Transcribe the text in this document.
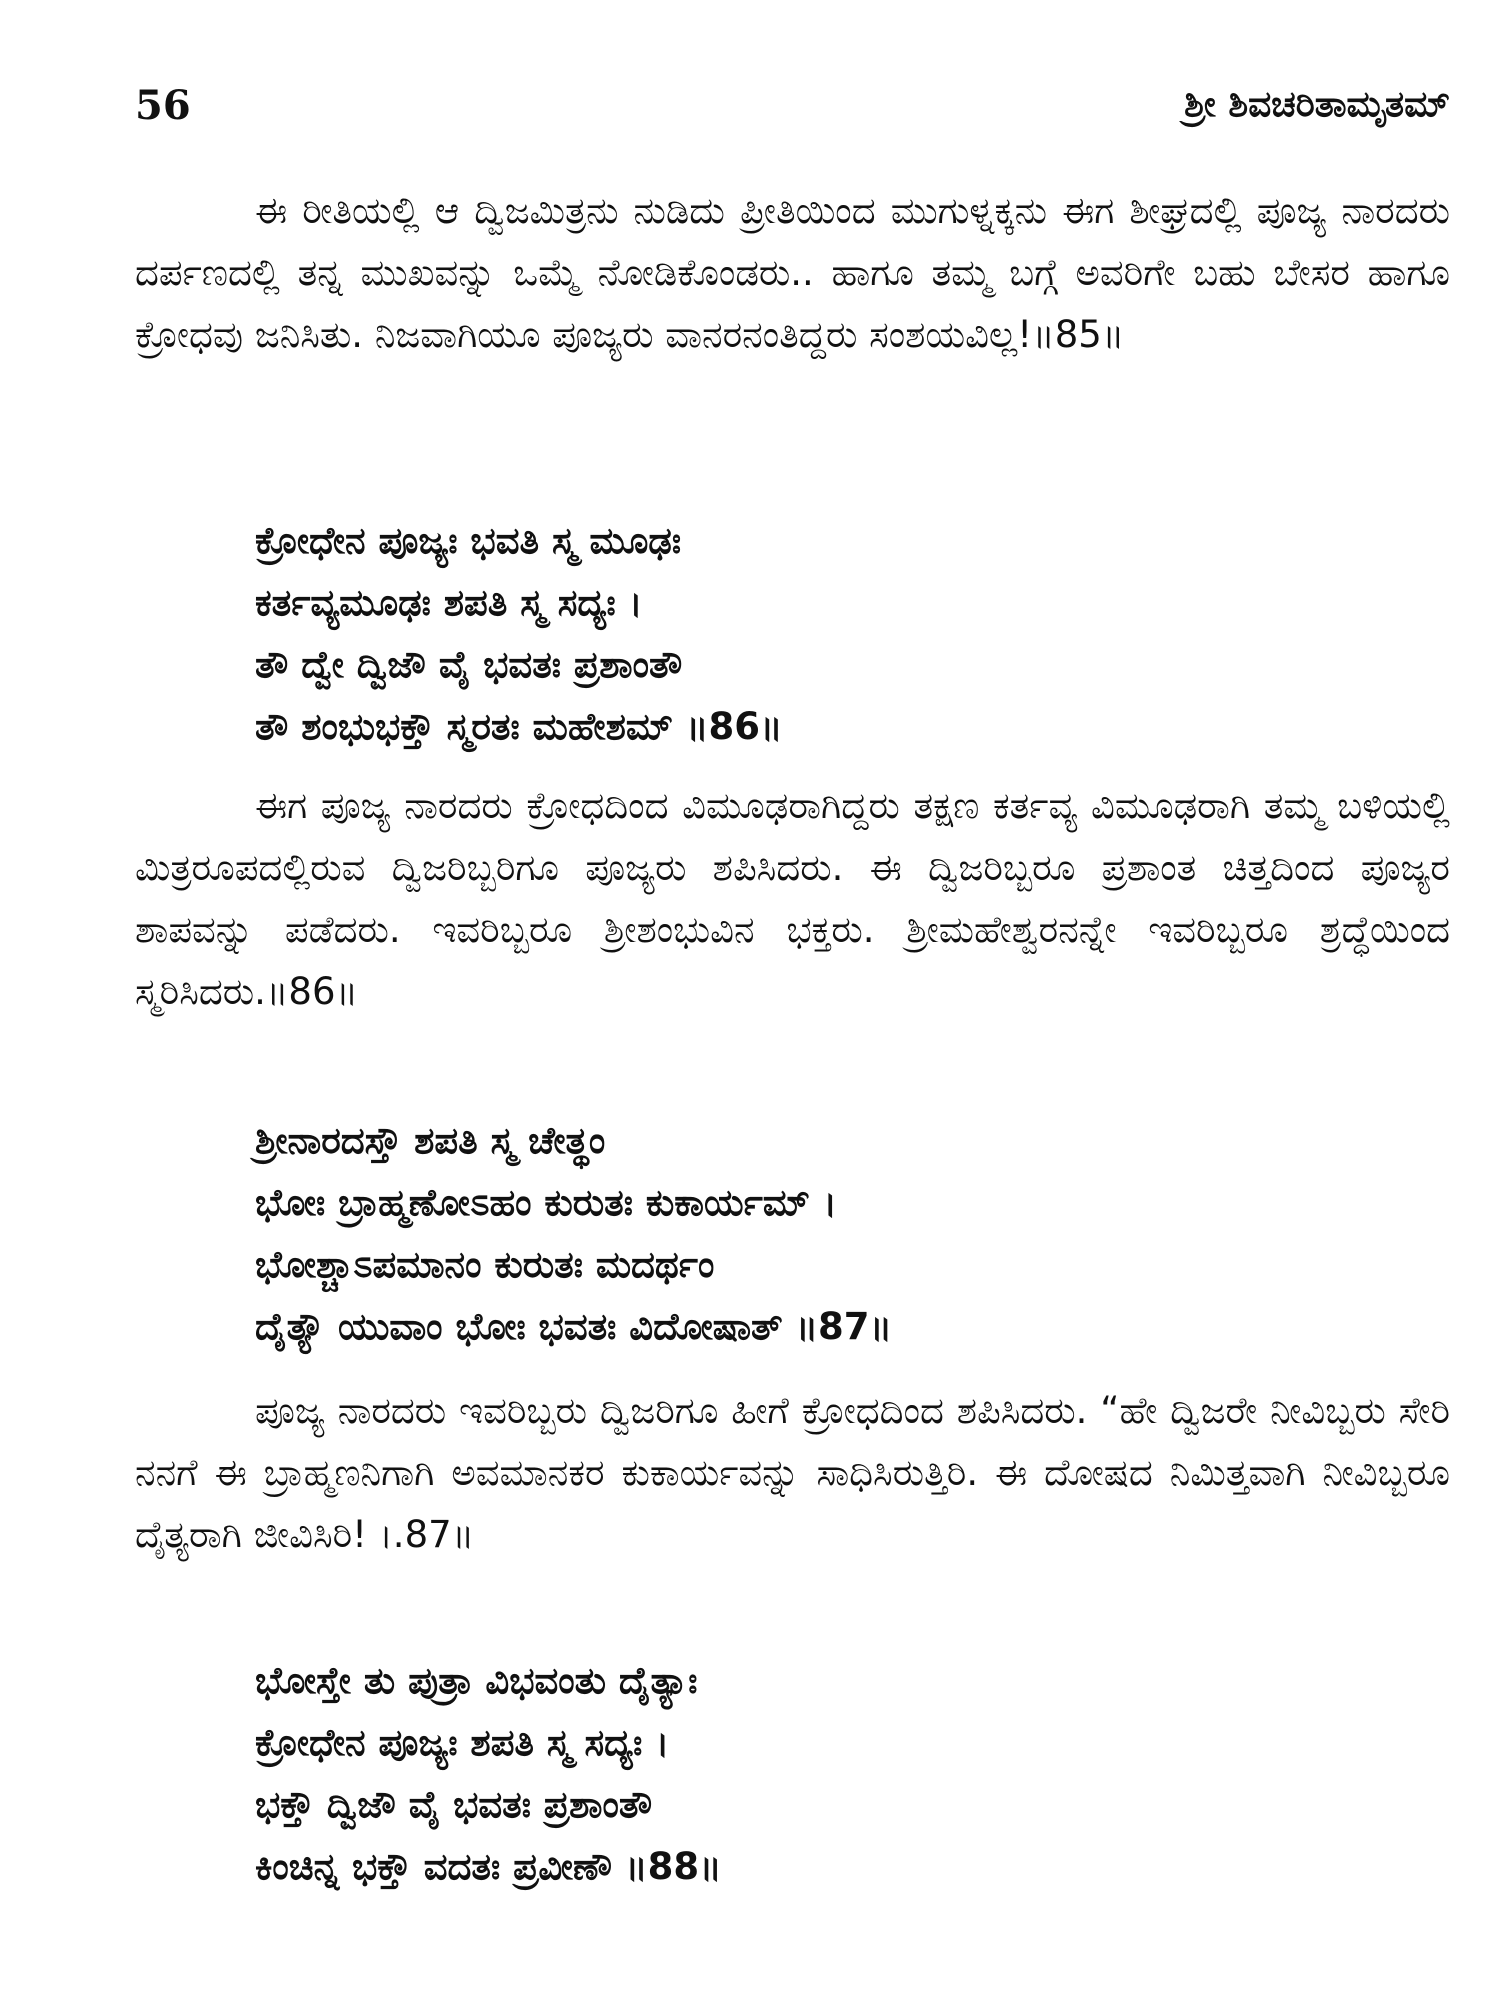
56	ಶ್ರೀ ಶಿವಚರಿತಾಮೃತಮ್

ಈ ರೀತಿಯಲ್ಲಿ ಆ ದ್ವಿಜಮಿತ್ರನು ನುಡಿದು ಪ್ರೀತಿಯಿಂದ ಮುಗುಳ್ನಕ್ಕನು ಈಗ ಶೀಘ್ರದಲ್ಲಿ ಪೂಜ್ಯ ನಾರದರು ದರ್ಪಣದಲ್ಲಿ ತನ್ನ ಮುಖವನ್ನು ಒಮ್ಮೆ ನೋಡಿಕೊಂಡರು.. ಹಾಗೂ ತಮ್ಮ ಬಗ್ಗೆ ಅವರಿಗೇ ಬಹು ಬೇಸರ ಹಾಗೂ ಕ್ರೋಧವು ಜನಿಸಿತು. ನಿಜವಾಗಿಯೂ ಪೂಜ್ಯರು ವಾನರನಂತಿದ್ದರು ಸಂಶಯವಿಲ್ಲ!॥85॥

ಕ್ರೋಧೇನ ಪೂಜ್ಯಃ ಭವತಿ ಸ್ಮ ಮೂಢಃ
ಕರ್ತವ್ಯಮೂಢಃ ಶಪತಿ ಸ್ಮ ಸದ್ಯಃ ।
ತೌ ದ್ವೇ ದ್ವಿಜೌ ವೈ ಭವತಃ ಪ್ರಶಾಂತೌ
ತೌ ಶಂಭುಭಕ್ತೌ ಸ್ಮರತಃ ಮಹೇಶಮ್ ॥86॥

ಈಗ ಪೂಜ್ಯ ನಾರದರು ಕ್ರೋಧದಿಂದ ವಿಮೂಢರಾಗಿದ್ದರು ತಕ್ಷಣ ಕರ್ತವ್ಯ ವಿಮೂಢರಾಗಿ ತಮ್ಮ ಬಳಿಯಲ್ಲಿ ಮಿತ್ರರೂಪದಲ್ಲಿರುವ ದ್ವಿಜರಿಬ್ಬರಿಗೂ ಪೂಜ್ಯರು ಶಪಿಸಿದರು. ಈ ದ್ವಿಜರಿಬ್ಬರೂ ಪ್ರಶಾಂತ ಚಿತ್ತದಿಂದ ಪೂಜ್ಯರ ಶಾಪವನ್ನು ಪಡೆದರು. ಇವರಿಬ್ಬರೂ ಶ್ರೀಶಂಭುವಿನ ಭಕ್ತರು. ಶ್ರೀಮಹೇಶ್ವರನನ್ನೇ ಇವರಿಬ್ಬರೂ ಶ್ರದ್ಧೆಯಿಂದ ಸ್ಮರಿಸಿದರು.॥86॥

ಶ್ರೀನಾರದಸ್ತೌ ಶಪತಿ ಸ್ಮ ಚೇತ್ಥಂ
ಭೋಃ ಬ್ರಾಹ್ಮಣೋಽಹಂ ಕುರುತಃ ಕುಕಾರ್ಯಮ್ ।
ಭೋಶ್ಚಾಽಪಮಾನಂ ಕುರುತಃ ಮದರ್ಥಂ
ದೈತ್ಯೌ ಯುವಾಂ ಭೋಃ ಭವತಃ ವಿದೋಷಾತ್ ॥87॥

ಪೂಜ್ಯ ನಾರದರು ಇವರಿಬ್ಬರು ದ್ವಿಜರಿಗೂ ಹೀಗೆ ಕ್ರೋಧದಿಂದ ಶಪಿಸಿದರು. “ಹೇ ದ್ವಿಜರೇ ನೀವಿಬ್ಬರು ಸೇರಿ ನನಗೆ ಈ ಬ್ರಾಹ್ಮಣನಿಗಾಗಿ ಅವಮಾನಕರ ಕುಕಾರ್ಯವನ್ನು ಸಾಧಿಸಿರುತ್ತಿರಿ. ಈ ದೋಷದ ನಿಮಿತ್ತವಾಗಿ ನೀವಿಬ್ಬರೂ ದೈತ್ಯರಾಗಿ ಜೀವಿಸಿರಿ! ।.87॥

ಭೋಸ್ತೇ ತು ಪುತ್ರಾ ವಿಭವಂತು ದೈತ್ಯಾಃ
ಕ್ರೋಧೇನ ಪೂಜ್ಯಃ ಶಪತಿ ಸ್ಮ ಸದ್ಯಃ ।
ಭಕ್ತೌ ದ್ವಿಜೌ ವೈ ಭವತಃ ಪ್ರಶಾಂತೌ
ಕಿಂಚಿನ್ನ ಭಕ್ತೌ ವದತಃ ಪ್ರವೀಣೌ ॥88॥
